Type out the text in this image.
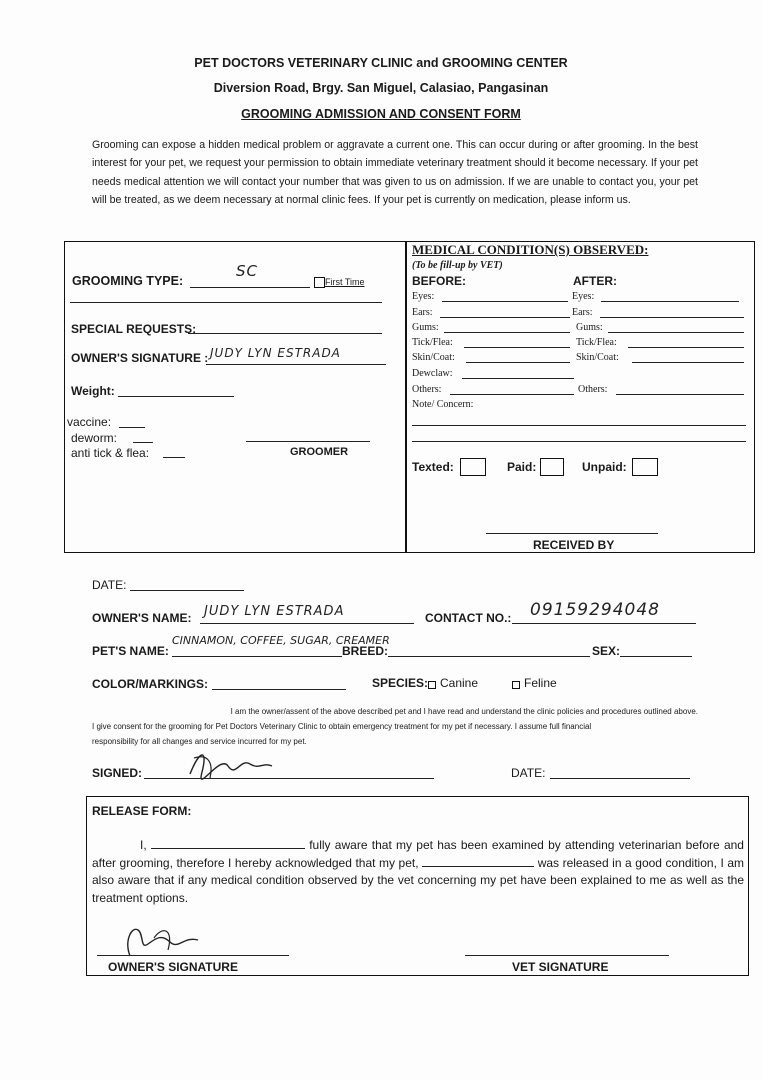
PET DOCTORS VETERINARY CLINIC and GROOMING CENTER
Diversion Road, Brgy. San Miguel, Calasiao, Pangasinan
GROOMING ADMISSION AND CONSENT FORM
Grooming can expose a hidden medical problem or aggravate a current one. This can occur during or after grooming. In the best interest for your pet, we request your permission to obtain immediate veterinary treatment should it become necessary. If your pet needs medical attention we will contact your number that was given to us on admission. If we are unable to contact you, your pet will be treated, as we deem necessary at normal clinic fees. If your pet is currently on medication, please inform us.
GROOMING TYPE:
SC
First Time
SPECIAL REQUESTS:
OWNER'S SIGNATURE : JUDY LYN ESTRADA
Weight:
vaccine:
deworm:
anti tick & flea:	GROOMER
MEDICAL CONDITION(S) OBSERVED:
(To be fill-up by VET)
BEFORE:	AFTER:
Eyes:	Eyes:
Ears:	Ears:
Gums:	Gums:
Tick/Flea:	Tick/Flea:
Skin/Coat:	Skin/Coat:
Dewclaw:
Others:	Others:
Note/ Concern:
Texted:	Paid:	Unpaid:
RECEIVED BY
DATE:
OWNER'S NAME: JUDY LYN ESTRADA	CONTACT NO.: 09159294048
PET'S NAME:
CINNAMON, COFFEE, SUGAR, CREAMER
BREED:	SEX:
COLOR/MARKINGS:	SPECIES: Canine	Feline
I am the owner/assent of the above described pet and I have read and understand the clinic policies and procedures outlined above.
I give consent for the grooming for Pet Doctors Veterinary Clinic to obtain emergency treatment for my pet if necessary. I assume full financial
responsibility for all changes and service incurred for my pet.
SIGNED:	DATE:
RELEASE FORM:
I,	fully aware that my pet has been examined by attending veterinarian before and after grooming, therefore I hereby acknowledged that my pet,	was released in a good condition, I am also aware that if any medical condition observed by the vet concerning my pet have been explained to me as well as the treatment options.
OWNER'S SIGNATURE	VET SIGNATURE
